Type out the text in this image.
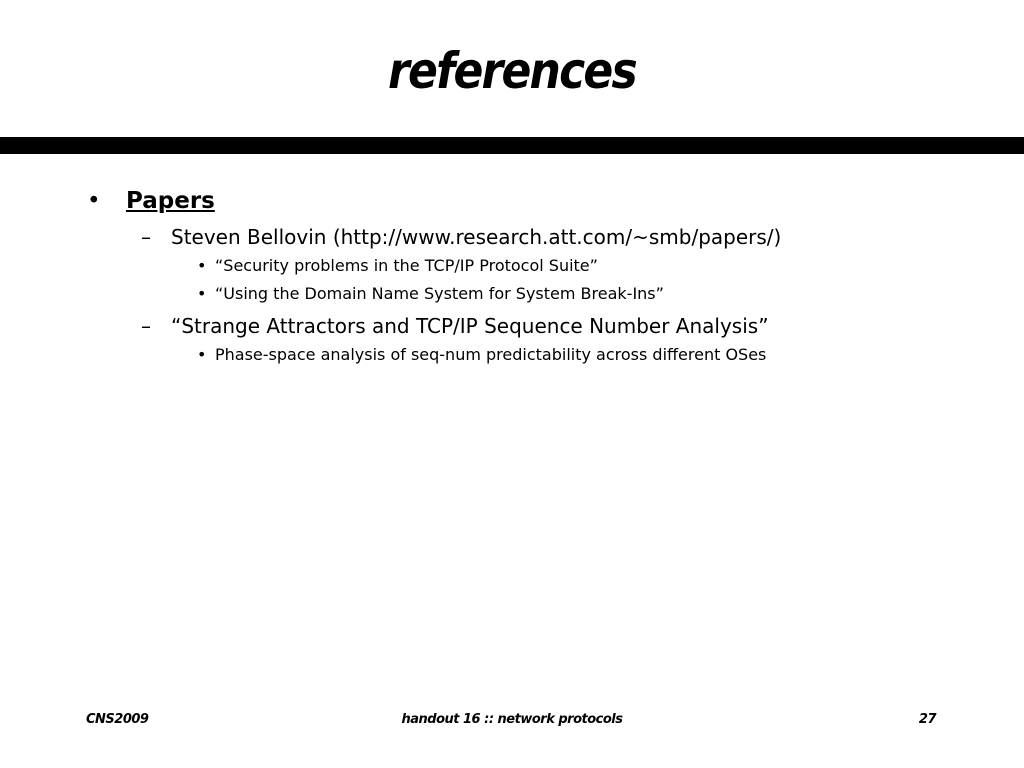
references
• Papers
– Steven Bellovin (http://www.research.att.com/~smb/papers/)
• “Security problems in the TCP/IP Protocol Suite”
• “Using the Domain Name System for System Break-Ins”
– “Strange Attractors and TCP/IP Sequence Number Analysis”
• Phase-space analysis of seq-num predictability across different OSes
CNS2009	handout 16 :: network protocols	27
